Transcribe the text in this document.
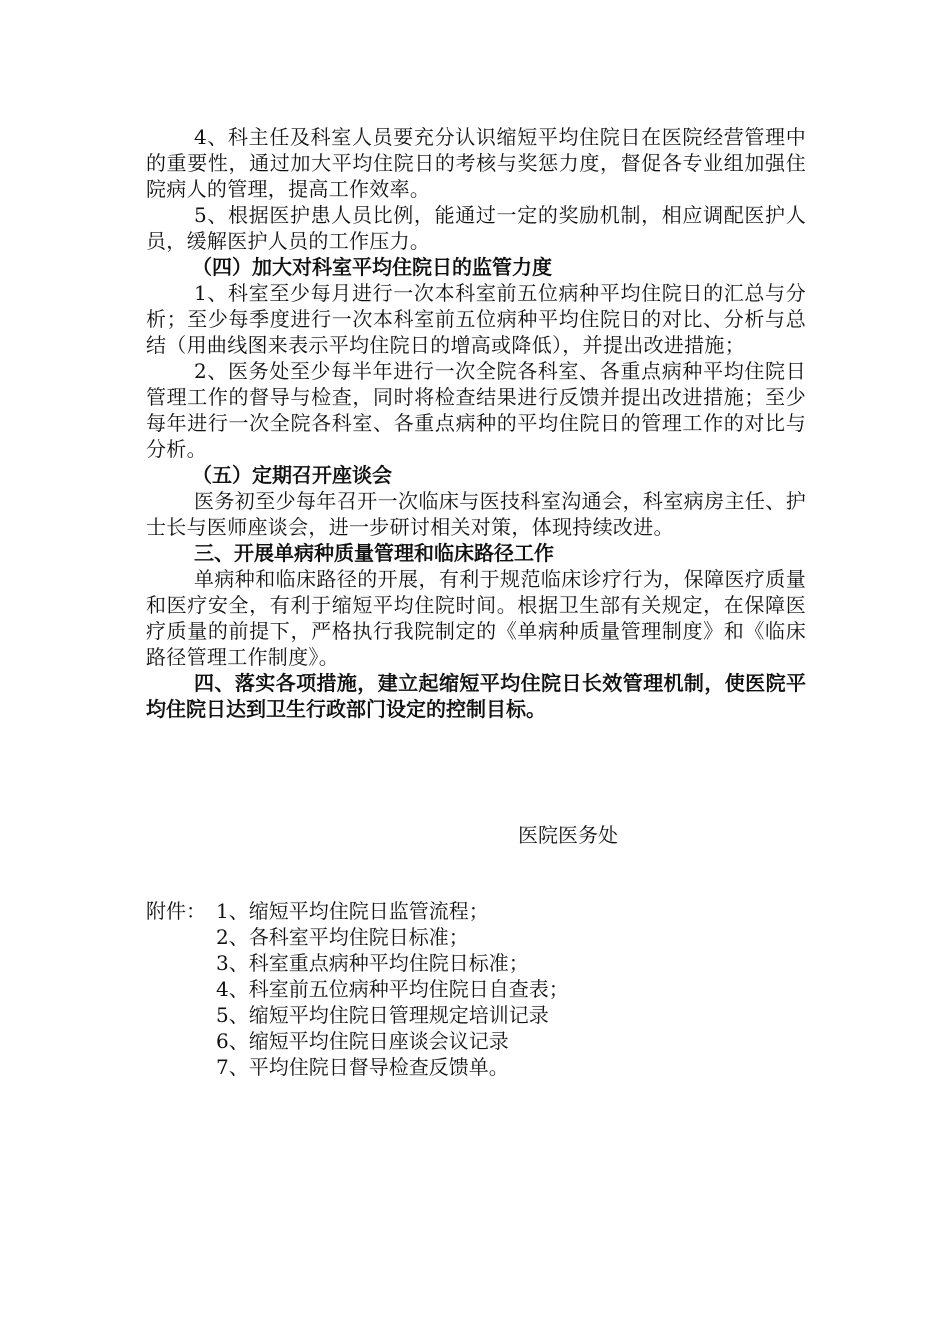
4、科主任及科室人员要充分认识缩短平均住院日在医院经营管理中的重要性，通过加大平均住院日的考核与奖惩力度，督促各专业组加强住院病人的管理，提高工作效率。

5、根据医护患人员比例，能通过一定的奖励机制，相应调配医护人员，缓解医护人员的工作压力。

（四）加大对科室平均住院日的监管力度

1、科室至少每月进行一次本科室前五位病种平均住院日的汇总与分析；至少每季度进行一次本科室前五位病种平均住院日的对比、分析与总结（用曲线图来表示平均住院日的增高或降低），并提出改进措施；

2、医务处至少每半年进行一次全院各科室、各重点病种平均住院日管理工作的督导与检查，同时将检查结果进行反馈并提出改进措施；至少每年进行一次全院各科室、各重点病种的平均住院日的管理工作的对比与分析。

（五）定期召开座谈会

医务初至少每年召开一次临床与医技科室沟通会，科室病房主任、护士长与医师座谈会，进一步研讨相关对策，体现持续改进。

三、开展单病种质量管理和临床路径工作

单病种和临床路径的开展，有利于规范临床诊疗行为，保障医疗质量和医疗安全，有利于缩短平均住院时间。根据卫生部有关规定，在保障医疗质量的前提下，严格执行我院制定的《单病种质量管理制度》和《临床路径管理工作制度》。

四、落实各项措施，建立起缩短平均住院日长效管理机制，使医院平均住院日达到卫生行政部门设定的控制目标。

医院医务处
附件： 1、缩短平均住院日监管流程；
2、各科室平均住院日标准；
3、科室重点病种平均住院日标准；
4、科室前五位病种平均住院日自查表；
5、缩短平均住院日管理规定培训记录
6、缩短平均住院日座谈会议记录
7、平均住院日督导检查反馈单。
